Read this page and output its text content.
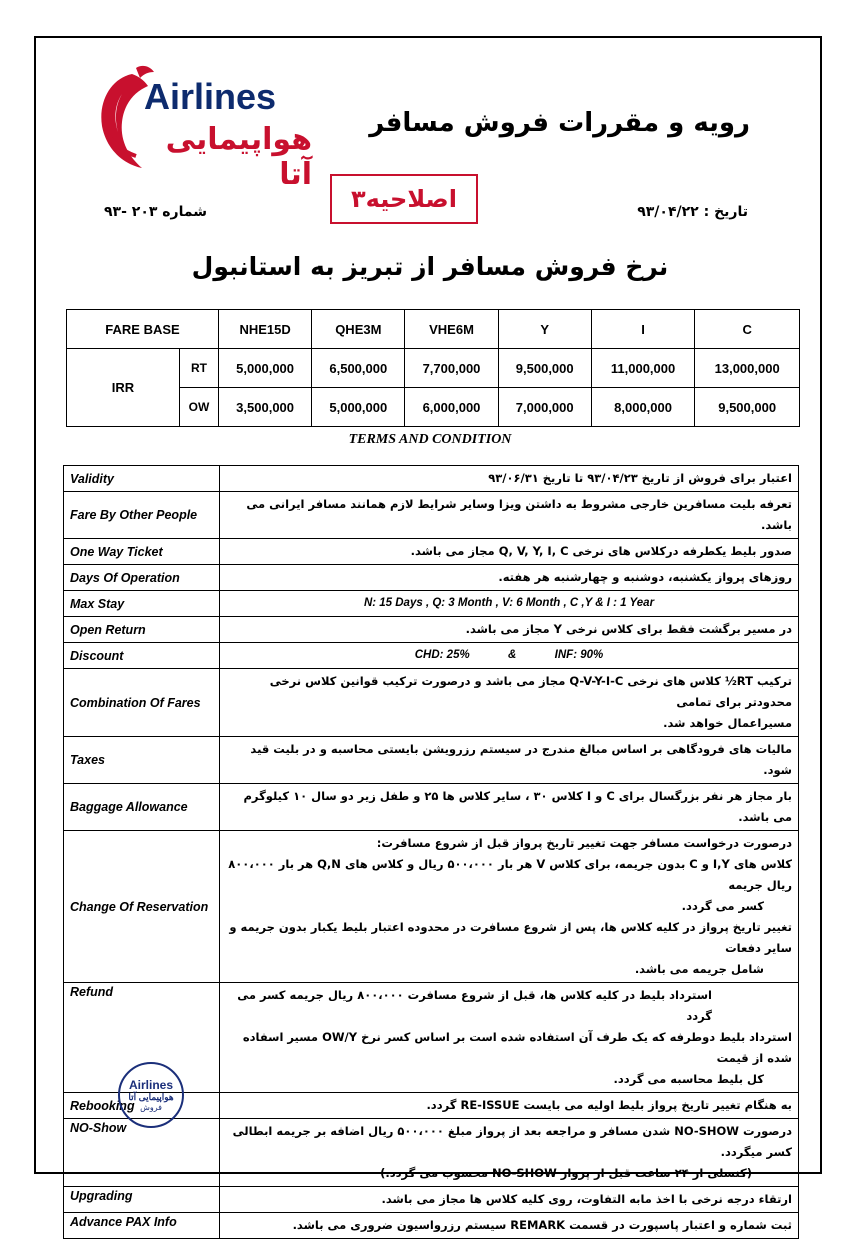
Airlines
هواپیمایی آتا
رویه و مقررات فروش مسافر
اصلاحیه۳	تاریخ : ۹۳/۰۴/۲۲
شماره ۲۰۳ -۹۳
نرخ فروش مسافر از تبریز به استانبول
FARE BASE		NHE15D	QHE3M	VHE6M	Y	I	C
IRR	RT	5,000,000	6,500,000	7,700,000	9,500,000	11,000,000	13,000,000
	OW	3,500,000	5,000,000	6,000,000	7,000,000	8,000,000	9,500,000
TERMS AND CONDITION
Validity	اعتبار برای فروش از تاریخ ۹۳/۰۴/۲۳ تا تاریخ ۹۳/۰۶/۳۱

Fare By Other People	تعرفه بلیت مسافرین خارجی مشروط به داشتن ویزا وسایر شرایط لازم همانند مسافر ایرانی می باشد.

One Way Ticket	صدور بلیط یکطرفه درکلاس های نرخی Q, V, Y, I, C مجاز می باشد.

Days Of Operation	روزهای پرواز یکشنبه، دوشنبه و چهارشنبه هر هفته.

Max Stay	N: 15 Days , Q: 3 Month , V: 6 Month , C ,Y & I : 1 Year

Open Return	در مسیر برگشت فقط برای کلاس نرخی Y مجاز می باشد.

Discount	CHD: 25%            &            INF: 90%

Combination Of Fares	ترکیب RT½ کلاس های نرخی Q-V-Y-I-C مجاز می باشد و درصورت ترکیب قوانین کلاس نرخی محدودتر برای تمامی
مسیراعمال خواهد شد.

Taxes	مالیات های فرودگاهی بر اساس مبالغ مندرج در سیستم رزرویشن بایستی محاسبه و در بلیت قید شود.

Baggage Allowance	بار مجاز هر نفر بزرگسال برای C و I کلاس ۳۰ ، سایر کلاس ها ۲۵ و طفل زیر دو سال ۱۰ کیلوگرم می باشد.

Change Of Reservation	درصورت درخواست مسافر جهت تغییر تاریخ پرواز قبل از شروع مسافرت:
کلاس های I,Y و C بدون جریمه، برای کلاس V هر بار ۵۰۰،۰۰۰ ریال و کلاس های Q,N هر بار ۸۰۰،۰۰۰ ریال جریمه
کسر می گردد.
تغییر تاریخ پرواز در کلیه کلاس ها، پس از شروع مسافرت در محدوده اعتبار بلیط یکبار بدون جریمه و سایر دفعات
شامل جریمه می باشد.

Refund	استرداد بلیط در کلیه کلاس ها، قبل از شروع مسافرت ۸۰۰،۰۰۰ ریال جریمه کسر می گردد
استرداد بلیط دوطرفه که یک طرف آن استفاده شده است بر اساس کسر نرخ OW/Y مسیر اسفاده شده از قیمت
کل بلیط محاسبه می گردد.

Rebooking	به هنگام تغییر تاریخ پرواز بلیط اولیه می بایست RE-ISSUE گردد.

NO-Show	درصورت NO-SHOW شدن مسافر و مراجعه بعد از پرواز مبلغ ۵۰۰،۰۰۰ ریال اضافه بر جریمه ابطالی کسر میگردد.
(کنسلی از ۲۴ ساعت قبل از پرواز NO-SHOW محسوب می گردد.)

Upgrading	ارتقاء درجه نرخی با اخذ مابه التفاوت، روی کلیه کلاس ها مجاز می باشد.

Advance PAX Info	ثبت شماره و اعتبار پاسپورت در قسمت REMARK سیستم رزرواسیون ضروری می باشد.
Airlines
هواپیمایی آتا
فروش
